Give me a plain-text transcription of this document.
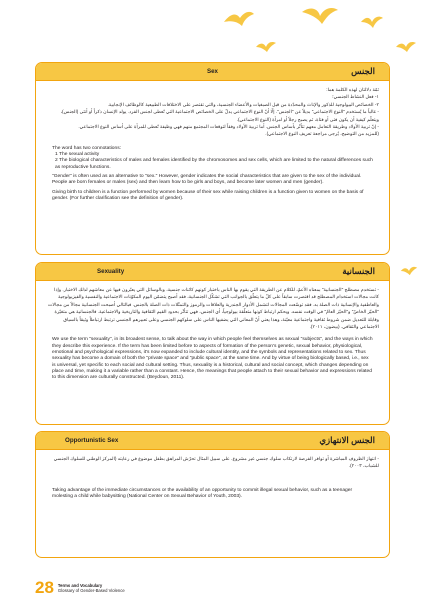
Sex	الجنس

ثمّة دلالتان لهذه الكلمة هما:

١- فعل النشاط الجنسي؛

٢- الخصائص البيولوجية للذكور والإناث والمحدّدة من قبل الصبغيات والأعضاء الجنسية، والتي تقتصر على الاختلافات الطبيعية كالوظائف الإنجابية.

- غالباً ما يُستخدم "النوع الاجتماعي" بديلاً عن "الجنس". إلّا أنّ النوع الاجتماعي يدلّ على الخصائص الاجتماعية التي تُعطى لجنس الفرد. يولد الإنسان ذكراً أو أنثى (الجنس)، ويتعلّم كيفية أن يكون فتى أو فتاة، ثم يصبح رجلاً أو امرأة (النوع الاجتماعي).

- إنّ تربية الأولاد وطريقة التعامل معهم تتأثّر بأساس الجنس. أما تربية الأولاد وفقاً لتوقعات المجتمع منهم فهي وظيفة تُعطى للمرأة على أساس النوع الاجتماعي.

(للمزيد من التوضيح، يُرجى مراجعة تعريف النوع الاجتماعي).

The word has two connotations:

1 The sexual activity

2 The biological characteristics of males and females identified by the chromosomes and sex cells, which are limited to the natural differences such as reproductive functions.

"Gender" is often used as an alternative to "sex." However, gender indicates the social characteristics that are given to the sex of the individual. People are born females or males (sex) and then learn how to be girls and boys, and become later women and men (gender).

Giving birth to children is a function performed by women because of their sex while raising children is a function given to women on the basis of gender. (For further clarification see the definition of gender).

Sexuality	الجنسانية

- تستخدم مصطلح "الجنسانية" بمعناه الأعمّ، للكلام عن الطريقة التي يقوم بها الناس باختبار كونهم كائنات جنسية، وبالوسائل التي يعبّرون فيها عن معاشهم لذلك الاختبار. وإذا كانت مجالات استخدام المصطلح قد اقتصرت سابقاً على كلّ ما يتعلّق بالجوانب التي تشكّل الجنسانية، فقد أصبح يتضمّن اليوم المكوّنات الاجتماعية والنفسية والفيزيولوجية والعاطفية والإنسانية ذات الصلة به. فقد توسّعت المجالات لتشمل الأدوار الجندرية والعلاقات والرموز والتمثّلات ذات الصلة بالجنس. فبالتالي أصبحت الجنسانية مجالاً من مجالات "الحيّز الخاصّ" و"الحيّز العامّ" في الوقت نفسه. ويحكم ارتباط كونها متعلّقة بيولوجياً، أي الجنس، فهي تتأثّر بحدود القيم الثقافية والتاريخية والاجتماعية. فالجنسانية هي متغيّرة وقابلة للتعديل ضمن شروط ثقافية واجتماعية معيّنة، وهذا يعني أنّ المعاني التي يضفيها الناس على سلوكهم الجنسي وعلى تعبيرهم الجنسي ترتبط ارتباطاً وثيقاً بالسياق الاجتماعي والثقافي. (بيضون، ٢٠١١).

We use the term "sexuality", in its broadest sense, to talk about the way in which people feel themselves as sexual "subjects", and the ways in which they describe this experience. If the term has been limited before to aspects of formation of the person's genetic, sexual behavior, physiological, emotional and psychological expressions, it's now expanded to include cultural identity, and the symbols and representations related to sex. Thus sexuality has become a domain of both the "private space" and "public space", at the same time. And by virtue of being biologically based, i.e., sex is universal, yet specific to each social and cultural setting. Thus, sexuality is a historical, cultural and social concept, which changes depending on place and time, making it a variable rather than a constant. Hence, the meanings that people attach to their sexual behavior and expressions related to this dimension are culturally constructed. (Beydoun, 2011).

Opportunistic Sex	الجنس الانتهازي

- انتهاز الظروف المباشرة أو توافر الفرصة لارتكاب سلوك جنسي غير مشروع. على سبيل المثال تحرّش المراهق بطفل موضوع في رعايته (المركز الوطني للسلوك الجنسي للشباب، ٢٠٠٣).

Taking advantage of the immediate circumstances or the availability of an opportunity to commit illegal sexual behavior, such as a teenager molesting a child while babysitting (National Center on Sexual Behavior of Youth, 2003).

28 Terms and Vocabulary
Glossary of Gender-Based Violence
